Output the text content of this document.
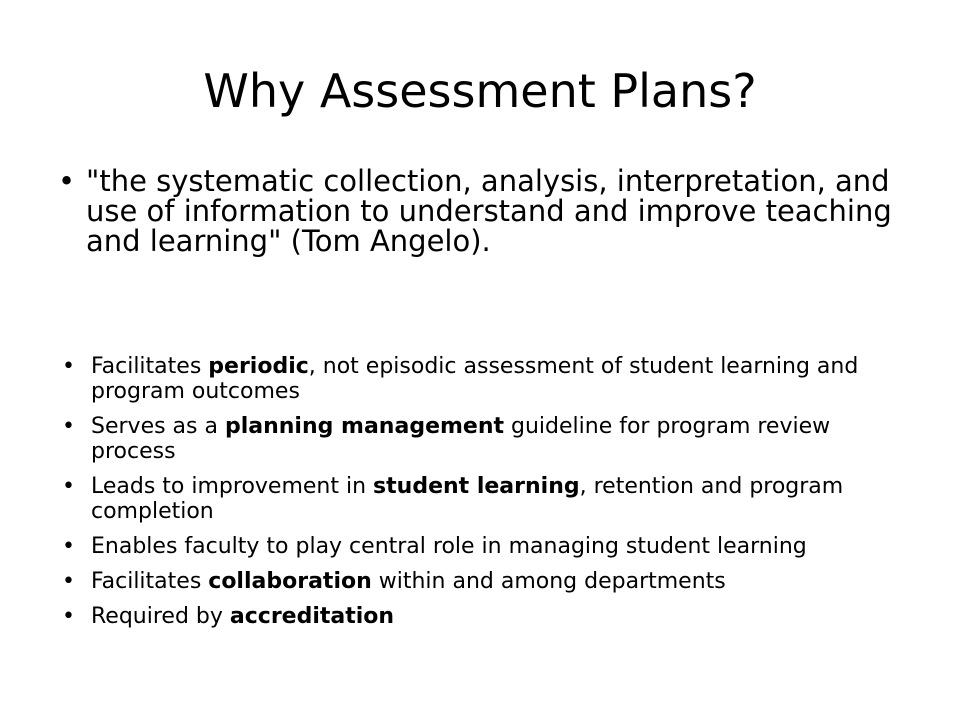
Why Assessment Plans?
• "the systematic collection, analysis, interpretation, and use of information to understand and improve teaching and learning" (Tom Angelo).
• Facilitates periodic, not episodic assessment of student learning and program outcomes
• Serves as a planning management guideline for program review process
• Leads to improvement in student learning, retention and program completion
• Enables faculty to play central role in managing student learning
• Facilitates collaboration within and among departments
• Required by accreditation
